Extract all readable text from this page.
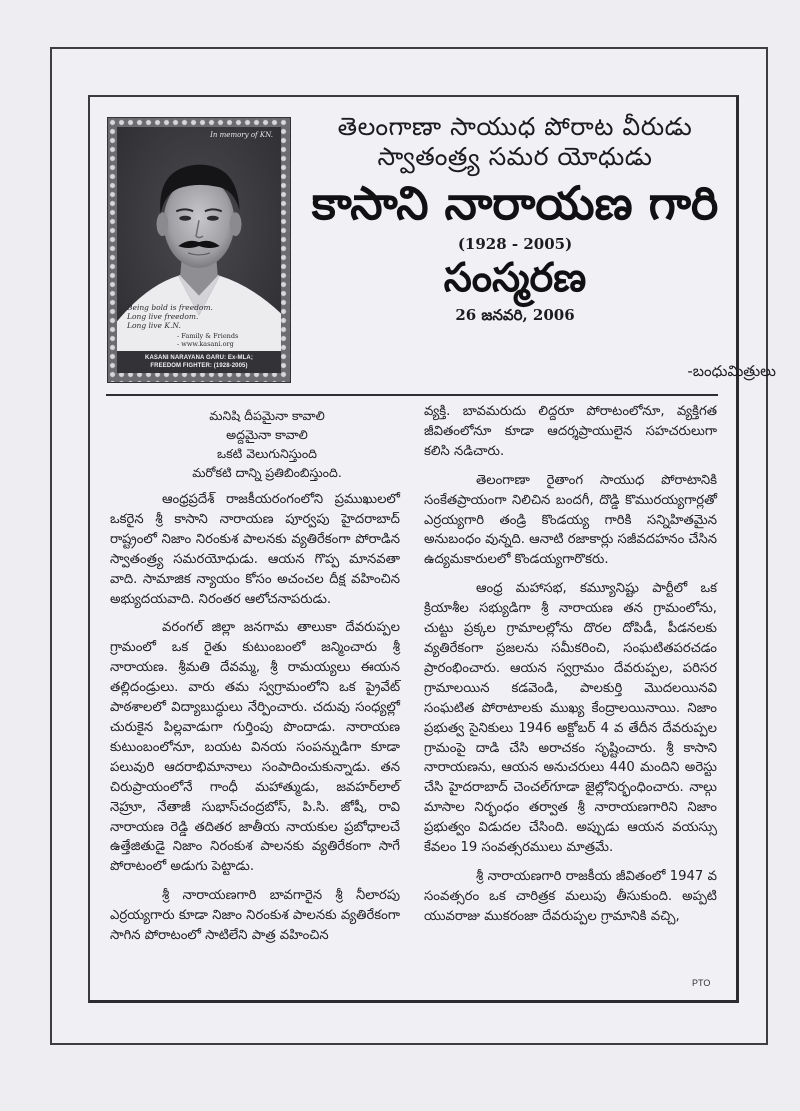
In memory of KN.
Being bold is freedom.
Long live freedom.
Long live K.N.
- Family & Friends
- www.kasani.org
KASANI NARAYANA GARU: Ex-MLA;
FREEDOM FIGHTER: (1928-2005)
తెలంగాణా సాయుధ పోరాట వీరుడు
స్వాతంత్ర్య సమర యోధుడు
కాసాని నారాయణ గారి
(1928 - 2005)
సంస్మరణ
26 జనవరి, 2006
-బంధుమిత్రులు
మనిషి దీపమైనా కావాలి
అద్దమైనా కావాలి
ఒకటి వెలుగునిస్తుంది
మరోకటి దాన్ని ప్రతిబింబిస్తుంది.

ఆంధ్రప్రదేశ్ రాజకీయరంగంలోని ప్రముఖులలో ఒకరైన శ్రీ కాసాని నారాయణ పూర్వపు హైదరాబాద్ రాష్ట్రంలో నిజాం నిరంకుశ పాలనకు వ్యతిరేకంగా పోరాడిన స్వాతంత్ర్య సమరయోధుడు. ఆయన గొప్ప మానవతా వాది. సామాజిక న్యాయం కోసం అచంచల దీక్ష వహించిన అభ్యుదయవాది. నిరంతర ఆలోచనాపరుడు.

వరంగల్ జిల్లా జనగామ తాలుకా దేవరుప్పల గ్రామంలో ఒక రైతు కుటుంబంలో జన్మించారు శ్రీ నారాయణ. శ్రీమతి దేవమ్మ, శ్రీ రామయ్యలు ఈయన తల్లిదండ్రులు. వారు తమ స్వగ్రామంలోని ఒక ప్రైవేట్ పాఠశాలలో విద్యాబుద్ధులు నేర్పించారు. చదువు సంధ్యల్లో చురుకైన పిల్లవాడుగా గుర్తింపు పొందాడు. నారాయణ కుటుంబంలోనూ, బయట వినయ సంపన్నుడిగా కూడా పలువురి ఆదరాభిమానాలు సంపాదించుకున్నాడు. తన చిరుప్రాయంలోనే గాంధీ మహాత్ముడు, జవహర్‌లాల్ నెహ్రూ, నేతాజీ సుభాస్‌చంద్రబోస్, పి.సి. జోషీ, రావి నారాయణ రెడ్డి తదితర జాతీయ నాయకుల ప్రబోధాలచే ఉత్తేజితుడై నిజాం నిరంకుశ పాలనకు వ్యతిరేకంగా సాగే పోరాటంలో అడుగు పెట్టాడు.

శ్రీ నారాయణగారి బావగారైన శ్రీ నీలారపు ఎర్రయ్యగారు కూడా నిజాం నిరంకుశ పాలనకు వ్యతిరేకంగా సాగిన పోరాటంలో సాటిలేని పాత్ర వహించిన

వ్యక్తి. బావమరుదు లిద్దరూ పోరాటంలోనూ, వ్యక్తిగత జీవితంలోనూ కూడా ఆదర్శప్రాయులైన సహచరులుగా కలిసి నడిచారు.

తెలంగాణా రైతాంగ సాయుధ పోరాటానికి సంకేతప్రాయంగా నిలిచిన బందగీ, దొడ్డి కొమురయ్యగార్లతో ఎర్రయ్యగారి తండ్రి కొండయ్య గారికి సన్నిహితమైన అనుబంధం వున్నది. ఆనాటి రజాకార్లు సజీవదహనం చేసిన ఉద్యమకారులలో కొండయ్యగారొకరు.

ఆంధ్ర మహాసభ, కమ్యూనిష్టు పార్టీలో ఒక క్రియాశీల సభ్యుడిగా శ్రీ నారాయణ తన గ్రామంలోను, చుట్టు ప్రక్కల గ్రామాలల్లోను దొరల దోపిడీ, పీడనలకు వ్యతిరేకంగా ప్రజలను సమీకరించి, సంఘటితపరచడం ప్రారంభించారు. ఆయన స్వగ్రామం దేవరుప్పల, పరిసర గ్రామాలయిన కడవెండి, పాలకుర్తి మొదలయినవి సంఘటిత పోరాటాలకు ముఖ్య కేంద్రాలయినాయి. నిజాం ప్రభుత్వ సైనికులు 1946 అక్టోబర్ 4 వ తేదీన దేవరుప్పల గ్రామంపై దాడి చేసి అరాచకం సృష్టించారు. శ్రీ కాసాని నారాయణను, ఆయన అనుచరులు 440 మందిని అరెస్టు చేసి హైదరాబాద్ చెంచల్‌గూడా జైల్లోనిర్భంధించారు. నాల్గు మాసాల నిర్భంధం తర్వాత శ్రీ నారాయణగారిని నిజాం ప్రభుత్వం విడుదల చేసింది. అప్పుడు ఆయన వయస్సు కేవలం 19 సంవత్సరములు మాత్రమే.

శ్రీ నారాయణగారి రాజకీయ జీవితంలో 1947 వ సంవత్సరం ఒక చారిత్రక మలుపు తీసుకుంది. అప్పటి యువరాజు ముకరంజా దేవరుప్పల గ్రామానికి వచ్చి,

PTO
